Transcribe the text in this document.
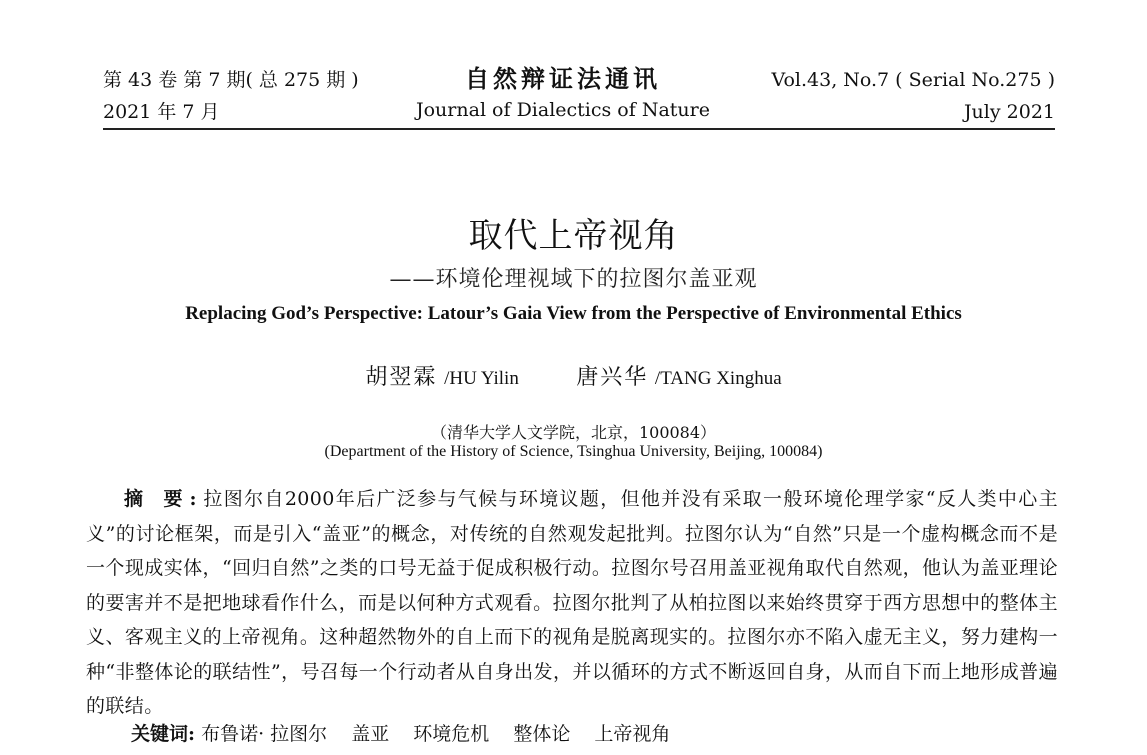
第 43 卷 第 7 期( 总 275 期 )
2021 年 7 月
自然辩证法通讯
Journal of Dialectics of Nature
Vol.43, No.7 ( Serial No.275 )
July 2021
取代上帝视角
——环境伦理视域下的拉图尔盖亚观
Replacing God’s Perspective: Latour’s Gaia View from the Perspective of Environmental Ethics
胡翌霖 /HU Yilin	唐兴华 /TANG Xinghua
（清华大学人文学院，北京，100084）
(Department of the History of Science, Tsinghua University, Beijing, 100084)
摘 要:拉图尔自2000年后广泛参与气候与环境议题，但他并没有采取一般环境伦理学家“反人类中心主义”的讨论框架，而是引入“盖亚”的概念，对传统的自然观发起批判。拉图尔认为“自然”只是一个虚构概念而不是一个现成实体，“回归自然”之类的口号无益于促成积极行动。拉图尔号召用盖亚视角取代自然观，他认为盖亚理论的要害并不是把地球看作什么，而是以何种方式观看。拉图尔批判了从柏拉图以来始终贯穿于西方思想中的整体主义、客观主义的上帝视角。这种超然物外的自上而下的视角是脱离现实的。拉图尔亦不陷入虚无主义，努力建构一种“非整体论的联结性”，号召每一个行动者从自身出发，并以循环的方式不断返回自身，从而自下而上地形成普遍的联结。
关键词: 布鲁诺· 拉图尔 盖亚 环境危机 整体论 上帝视角
